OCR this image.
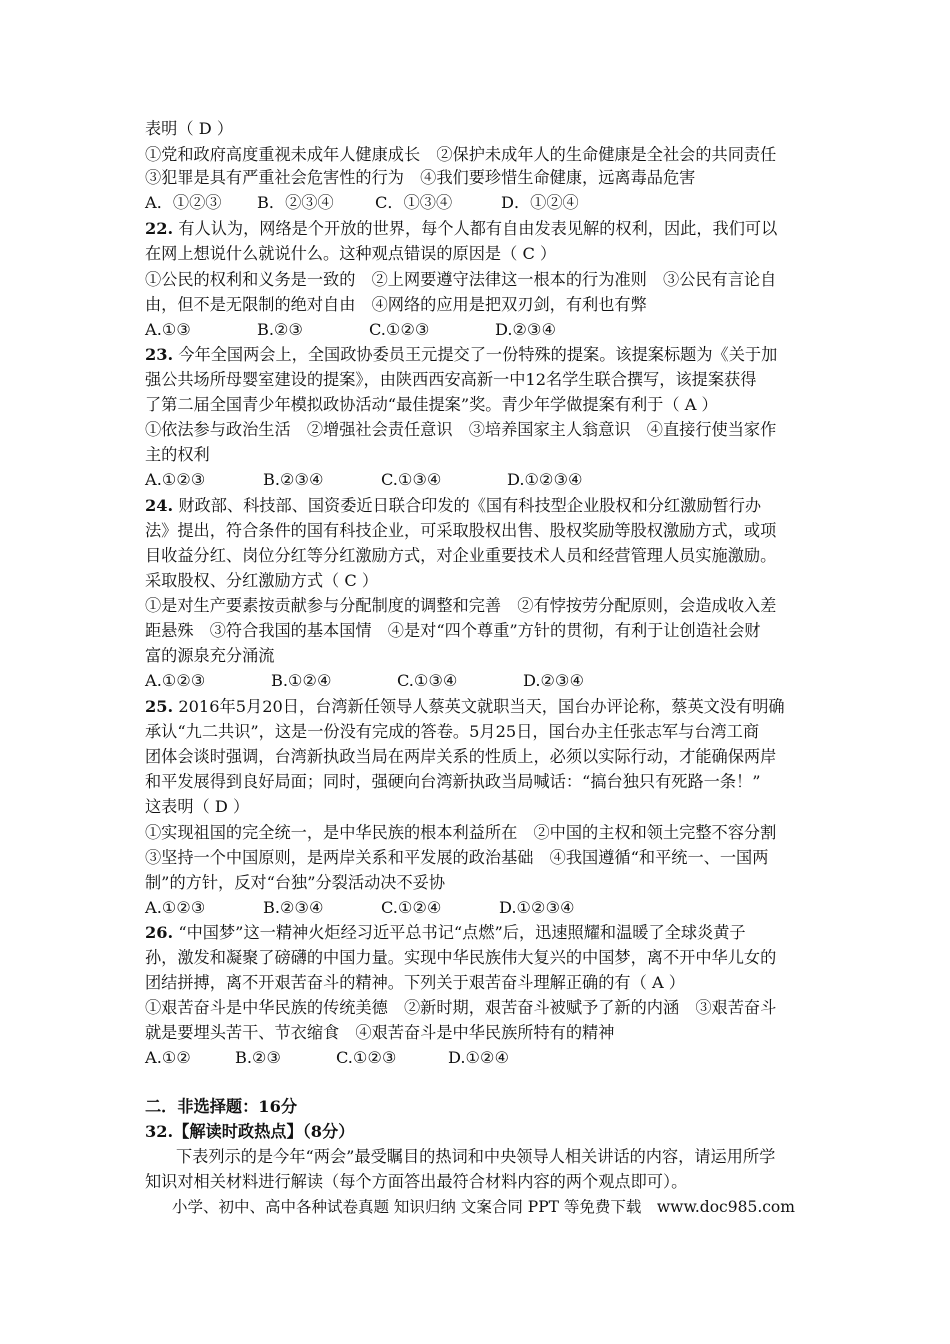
表明（ D ）
①党和政府高度重视未成年人健康成长　②保护未成年人的生命健康是全社会的共同责任
③犯罪是具有严重社会危害性的行为　④我们要珍惜生命健康，远离毒品危害
A．①②③ B．②③④	C．①③④	D．①②④
22. 有人认为，网络是个开放的世界，每个人都有自由发表见解的权利，因此，我们可以
在网上想说什么就说什么。这种观点错误的原因是（ C ）
①公民的权利和义务是一致的　②上网要遵守法律这一根本的行为准则　③公民有言论自
由，但不是无限制的绝对自由　④网络的应用是把双刃剑，有利也有弊
A.①③	B.②③	C.①②③	D.②③④
23. 今年全国两会上，全国政协委员王元提交了一份特殊的提案。该提案标题为《关于加
强公共场所母婴室建设的提案》，由陕西西安高新一中12名学生联合撰写，该提案获得
了第二届全国青少年模拟政协活动“最佳提案”奖。青少年学做提案有利于（ A ）
①依法参与政治生活　②增强社会责任意识　③培养国家主人翁意识　④直接行使当家作
主的权利
A.①②③	B.②③④	C.①③④	D.①②③④
24. 财政部、科技部、国资委近日联合印发的《国有科技型企业股权和分红激励暂行办
法》提出，符合条件的国有科技企业，可采取股权出售、股权奖励等股权激励方式，或项
目收益分红、岗位分红等分红激励方式，对企业重要技术人员和经营管理人员实施激励。
采取股权、分红激励方式（ C ）
①是对生产要素按贡献参与分配制度的调整和完善　②有悖按劳分配原则，会造成收入差
距悬殊　③符合我国的基本国情　④是对“四个尊重”方针的贯彻，有利于让创造社会财
富的源泉充分涌流
A.①②③	B.①②④	C.①③④	D.②③④
25. 2016年5月20日，台湾新任领导人蔡英文就职当天，国台办评论称，蔡英文没有明确
承认“九二共识”，这是一份没有完成的答卷。5月25日，国台办主任张志军与台湾工商
团体会谈时强调，台湾新执政当局在两岸关系的性质上，必须以实际行动，才能确保两岸
和平发展得到良好局面；同时，强硬向台湾新执政当局喊话：“搞台独只有死路一条！”
这表明（ D ）
①实现祖国的完全统一，是中华民族的根本利益所在　②中国的主权和领土完整不容分割
③坚持一个中国原则，是两岸关系和平发展的政治基础　④我国遵循“和平统一、一国两
制”的方针，反对“台独”分裂活动决不妥协
A.①②③	B.②③④	C.①②④	D.①②③④
26. “中国梦”这一精神火炬经习近平总书记“点燃”后，迅速照耀和温暖了全球炎黄子
孙，激发和凝聚了磅礴的中国力量。实现中华民族伟大复兴的中国梦，离不开中华儿女的
团结拼搏，离不开艰苦奋斗的精神。下列关于艰苦奋斗理解正确的有（ A ）
①艰苦奋斗是中华民族的传统美德　②新时期，艰苦奋斗被赋予了新的内涵　③艰苦奋斗
就是要埋头苦干、节衣缩食　④艰苦奋斗是中华民族所特有的精神
A.①②	B.②③	C.①②③	D.①②④
二．非选择题：16分
32.【解读时政热点】（8分）
下表列示的是今年“两会”最受瞩目的热词和中央领导人相关讲话的内容，请运用所学
知识对相关材料进行解读（每个方面答出最符合材料内容的两个观点即可）。
小学、初中、高中各种试卷真题 知识归纳 文案合同 PPT 等免费下载　www.doc985.com
